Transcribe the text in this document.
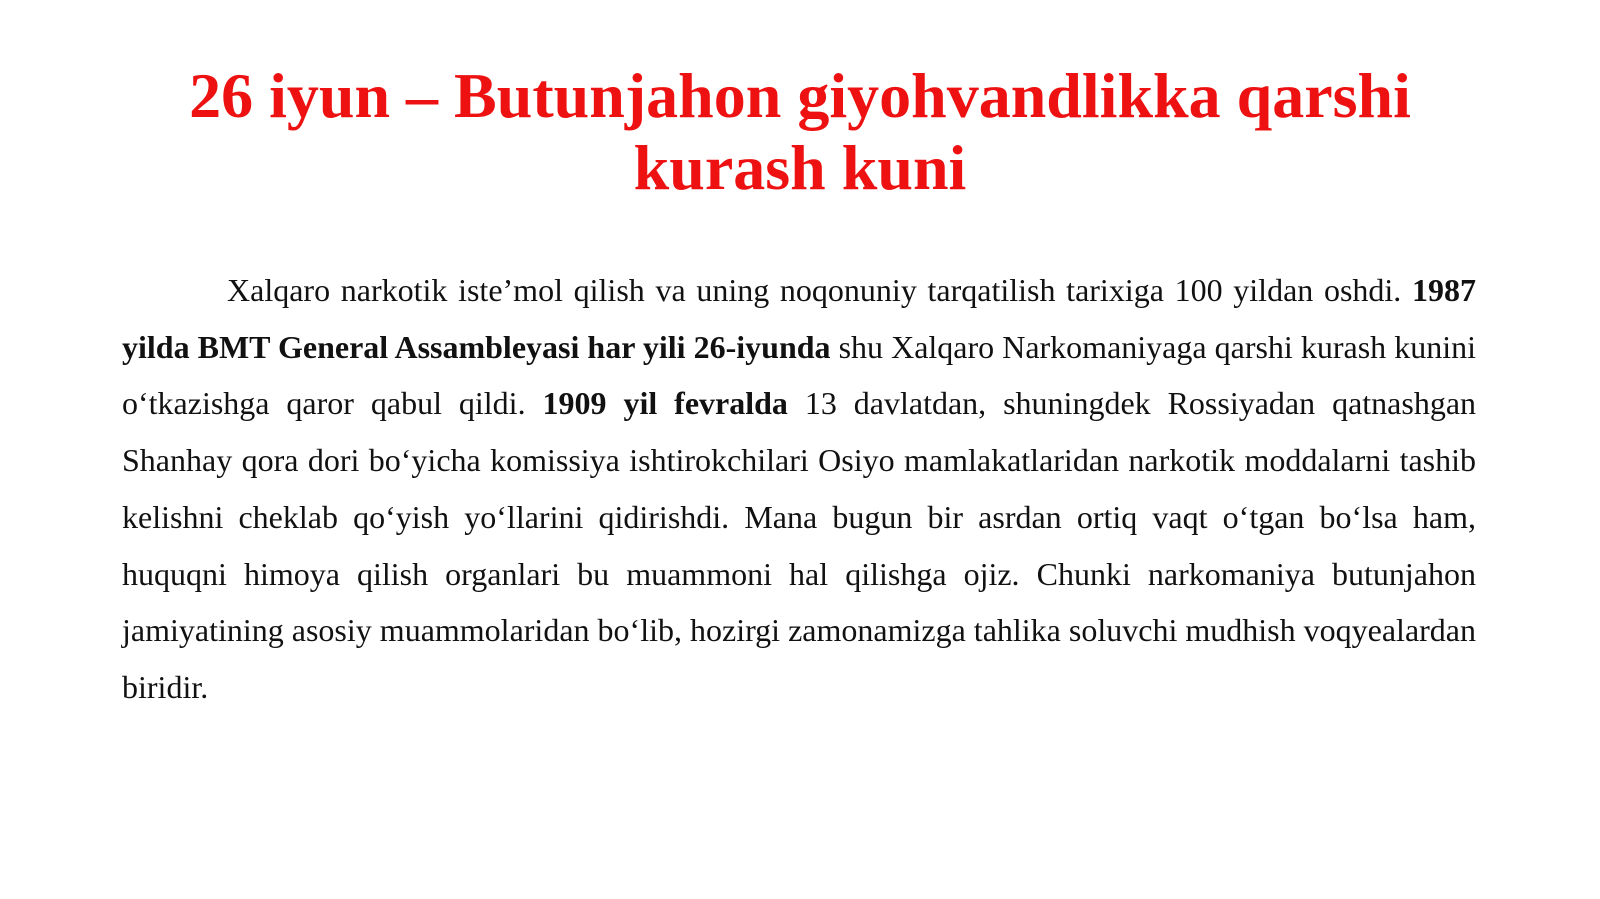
26 iyun – Butunjahon giyohvandlikka qarshi
kurash kuni

Xalqaro narkotik iste’mol qilish va uning noqonuniy tarqatilish tarixiga 100 yildan oshdi. 1987 yilda BMT General Assambleyasi har yili 26-iyunda shu Xalqaro Narkomaniyaga qarshi kurash kunini o‘tkazishga qaror qabul qildi. 1909 yil fevralda 13 davlatdan, shuningdek Rossiyadan qatnashgan Shanhay qora dori bo‘yicha komissiya ishtirokchilari Osiyo mamlakatlaridan narkotik moddalarni tashib kelishni cheklab qo‘yish yo‘llarini qidirishdi. Mana bugun bir asrdan ortiq vaqt o‘tgan bo‘lsa ham, huquqni himoya qilish organlari bu muammoni hal qilishga ojiz. Chunki narkomaniya butunjahon jamiyatining asosiy muammolaridan bo‘lib, hozirgi zamonamizga tahlika soluvchi mudhish voqyealardan biridir.
